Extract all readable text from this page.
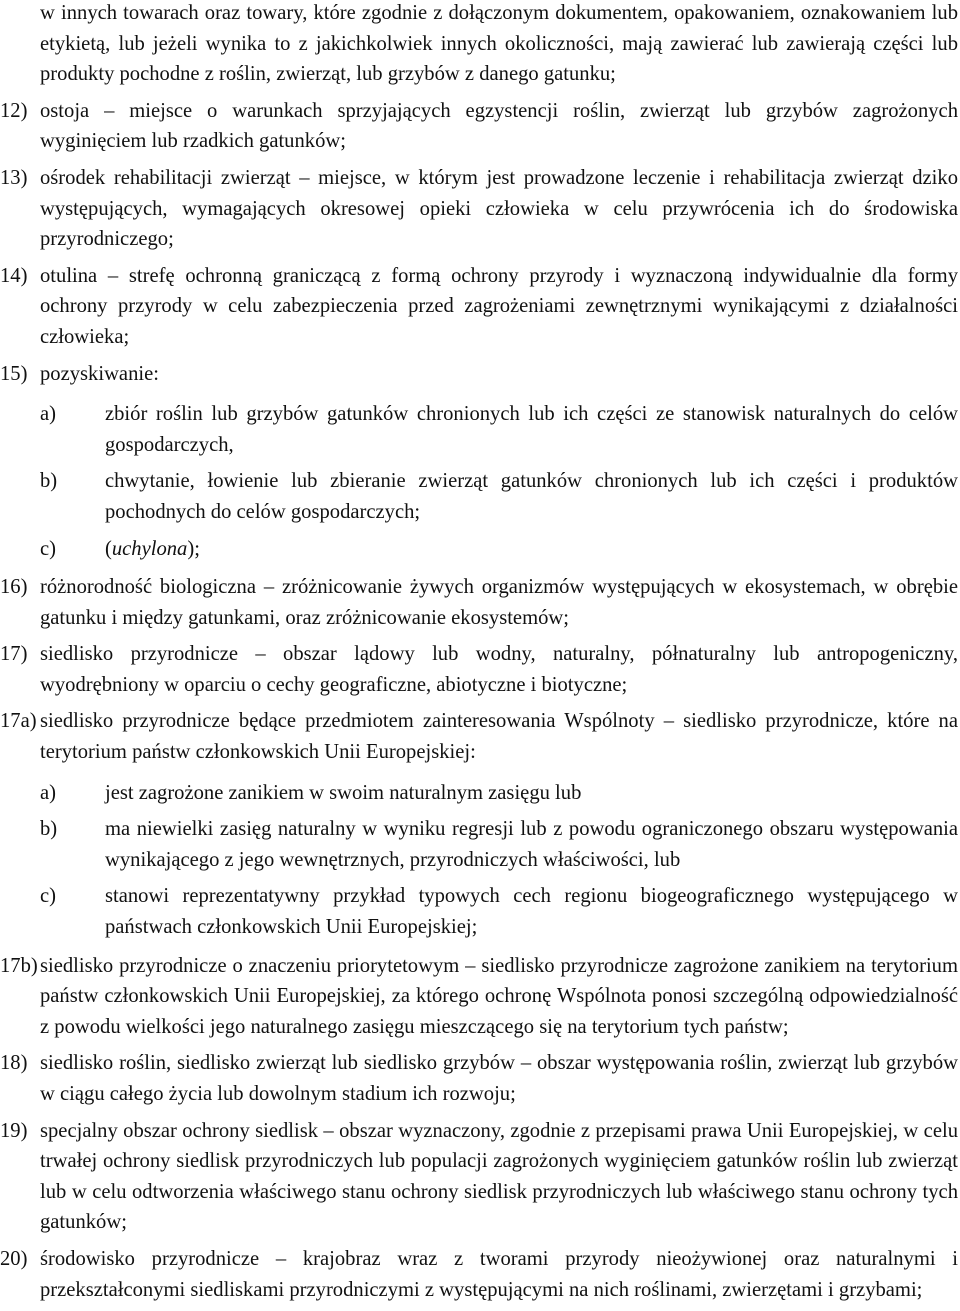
w innych towarach oraz towary, które zgodnie z dołączonym dokumentem, opakowaniem, oznakowaniem lub etykietą, lub jeżeli wynika to z jakichkolwiek innych okoliczności, mają zawierać lub zawierają części lub produkty pochodne z roślin, zwierząt, lub grzybów z danego gatunku;

12) ostoja – miejsce o warunkach sprzyjających egzystencji roślin, zwierząt lub grzybów zagrożonych wyginięciem lub rzadkich gatunków;

13) ośrodek rehabilitacji zwierząt – miejsce, w którym jest prowadzone leczenie i rehabilitacja zwierząt dziko występujących, wymagających okresowej opieki człowieka w celu przywrócenia ich do środowiska przyrodniczego;

14) otulina – strefę ochronną graniczącą z formą ochrony przyrody i wyznaczoną indywidualnie dla formy ochrony przyrody w celu zabezpieczenia przed zagrożeniami zewnętrznymi wynikającymi z działalności człowieka;

15) pozyskiwanie:

a) zbiór roślin lub grzybów gatunków chronionych lub ich części ze stanowisk naturalnych do celów gospodarczych,

b) chwytanie, łowienie lub zbieranie zwierząt gatunków chronionych lub ich części i produktów pochodnych do celów gospodarczych;

c) (uchylona);

16) różnorodność biologiczna – zróżnicowanie żywych organizmów występujących w ekosystemach, w obrębie gatunku i między gatunkami, oraz zróżnicowanie ekosystemów;

17) siedlisko przyrodnicze – obszar lądowy lub wodny, naturalny, półnaturalny lub antropogeniczny, wyodrębniony w oparciu o cechy geograficzne, abiotyczne i biotyczne;

17a) siedlisko przyrodnicze będące przedmiotem zainteresowania Wspólnoty – siedlisko przyrodnicze, które na terytorium państw członkowskich Unii Europejskiej:

a) jest zagrożone zanikiem w swoim naturalnym zasięgu lub

b) ma niewielki zasięg naturalny w wyniku regresji lub z powodu ograniczonego obszaru występowania wynikającego z jego wewnętrznych, przyrodniczych właściwości, lub

c) stanowi reprezentatywny przykład typowych cech regionu biogeograficznego występującego w państwach członkowskich Unii Europejskiej;

17b) siedlisko przyrodnicze o znaczeniu priorytetowym – siedlisko przyrodnicze zagrożone zanikiem na terytorium państw członkowskich Unii Europejskiej, za którego ochronę Wspólnota ponosi szczególną odpowiedzialność z powodu wielkości jego naturalnego zasięgu mieszczącego się na terytorium tych państw;

18) siedlisko roślin, siedlisko zwierząt lub siedlisko grzybów – obszar występowania roślin, zwierząt lub grzybów w ciągu całego życia lub dowolnym stadium ich rozwoju;

19) specjalny obszar ochrony siedlisk – obszar wyznaczony, zgodnie z przepisami prawa Unii Europejskiej, w celu trwałej ochrony siedlisk przyrodniczych lub populacji zagrożonych wyginięciem gatunków roślin lub zwierząt lub w celu odtworzenia właściwego stanu ochrony siedlisk przyrodniczych lub właściwego stanu ochrony tych gatunków;

20) środowisko przyrodnicze – krajobraz wraz z tworami przyrody nieożywionej oraz naturalnymi i przekształconymi siedliskami przyrodniczymi z występującymi na nich roślinami, zwierzętami i grzybami;
